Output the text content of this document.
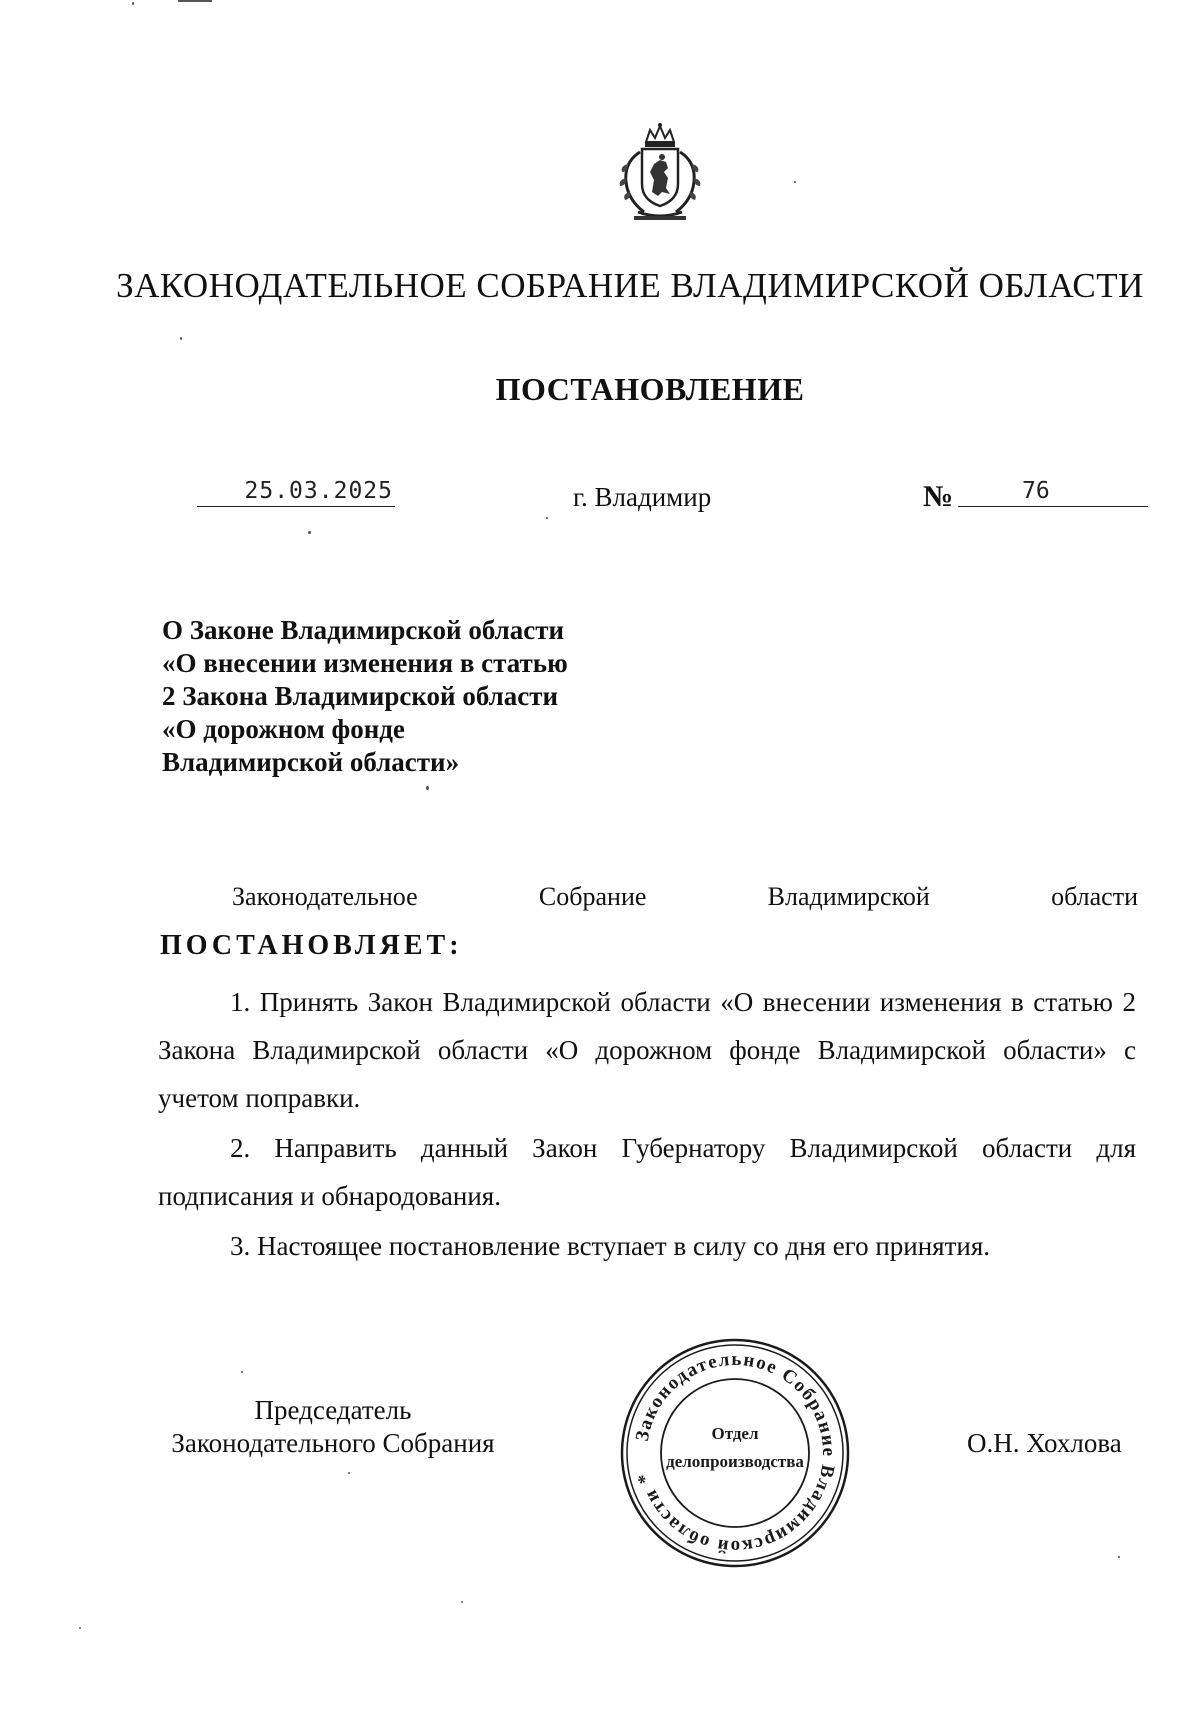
ЗАКОНОДАТЕЛЬНОЕ СОБРАНИЕ ВЛАДИМИРСКОЙ ОБЛАСТИ
ПОСТАНОВЛЕНИЕ
25.03.2025	г. Владимир	№	76
О Законе Владимирской области
«О внесении изменения в статью
2 Закона Владимирской области
«О дорожном фонде
Владимирской области»
Законодательное	Собрание	Владимирской	области
ПОСТАНОВЛЯЕТ:

1. Принять Закон Владимирской области «О внесении изменения в статью 2 Закона Владимирской области «О дорожном фонде Владимирской области» с учетом поправки.

2. Направить данный Закон Губернатору Владимирской области для подписания и обнародования.

3. Настоящее постановление вступает в силу со дня его принятия.

Председатель
Законодательного Собрания	Законодательное Собрание Владимирской области *
Отдел
делопроизводства
О.Н. Хохлова
